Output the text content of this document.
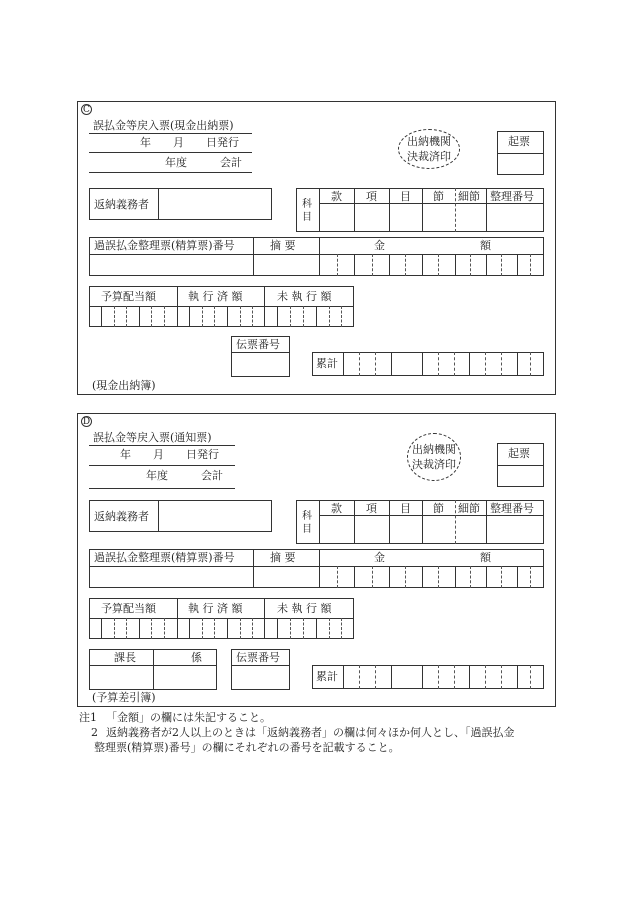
C
誤払金等戻入票(現金出納票)
年　　月　　日発行
年度　　　会計
出納機関
決裁済印
起票
返納義務者	科目
款 項 目 節 細節 整理番号
過誤払金整理票(精算票)番号	摘 要	金	額
予算配当額	執 行 済 額	未 執 行 額
伝票番号
累計
(現金出納簿)
D
誤払金等戻入票(通知票)
年　　月　　日発行
年度　　　会計
出納機関
決裁済印
起票
返納義務者	科目
款 項 目 節 細節 整理番号
過誤払金整理票(精算票)番号	摘 要	金	額
予算配当額	執 行 済 額	未 執 行 額
課長	係	伝票番号
累計
(予算差引簿)
注1 「金額」の欄には朱記すること。
2 返納義務者が2人以上のときは「返納義務者」の欄は何々ほか何人とし、「過誤払金
整理票(精算票)番号」の欄にそれぞれの番号を記載すること。
